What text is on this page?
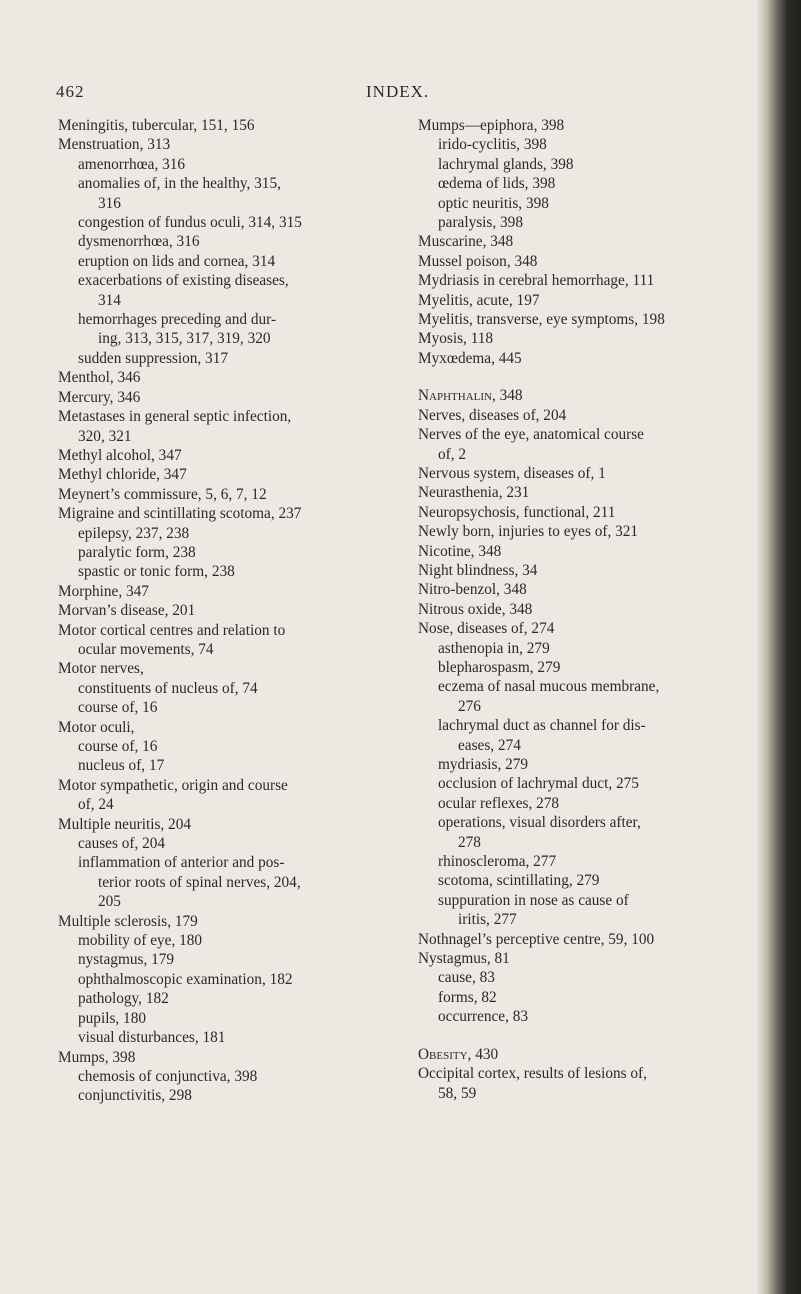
462	INDEX.
Meningitis, tubercular, 151, 156
Menstruation, 313
amenorrhœa, 316
anomalies of, in the healthy, 315,
316
congestion of fundus oculi, 314, 315
dysmenorrhœa, 316
eruption on lids and cornea, 314
exacerbations of existing diseases,
314
hemorrhages preceding and dur-
ing, 313, 315, 317, 319, 320
sudden suppression, 317
Menthol, 346
Mercury, 346
Metastases in general septic infection,
320, 321
Methyl alcohol, 347
Methyl chloride, 347
Meynert’s commissure, 5, 6, 7, 12
Migraine and scintillating scotoma, 237
epilepsy, 237, 238
paralytic form, 238
spastic or tonic form, 238
Morphine, 347
Morvan’s disease, 201
Motor cortical centres and relation to
ocular movements, 74
Motor nerves,
constituents of nucleus of, 74
course of, 16
Motor oculi,
course of, 16
nucleus of, 17
Motor sympathetic, origin and course
of, 24
Multiple neuritis, 204
causes of, 204
inflammation of anterior and pos-
terior roots of spinal nerves, 204,
205
Multiple sclerosis, 179
mobility of eye, 180
nystagmus, 179
ophthalmoscopic examination, 182
pathology, 182
pupils, 180
visual disturbances, 181
Mumps, 398
chemosis of conjunctiva, 398
conjunctivitis, 298
Mumps—epiphora, 398
irido-cyclitis, 398
lachrymal glands, 398
œdema of lids, 398
optic neuritis, 398
paralysis, 398
Muscarine, 348
Mussel poison, 348
Mydriasis in cerebral hemorrhage, 111
Myelitis, acute, 197
Myelitis, transverse, eye symptoms, 198
Myosis, 118
Myxœdema, 445
Naphthalin, 348
Nerves, diseases of, 204
Nerves of the eye, anatomical course
of, 2
Nervous system, diseases of, 1
Neurasthenia, 231
Neuropsychosis, functional, 211
Newly born, injuries to eyes of, 321
Nicotine, 348
Night blindness, 34
Nitro-benzol, 348
Nitrous oxide, 348
Nose, diseases of, 274
asthenopia in, 279
blepharospasm, 279
eczema of nasal mucous membrane,
276
lachrymal duct as channel for dis-
eases, 274
mydriasis, 279
occlusion of lachrymal duct, 275
ocular reflexes, 278
operations, visual disorders after,
278
rhinoscleroma, 277
scotoma, scintillating, 279
suppuration in nose as cause of
iritis, 277
Nothnagel’s perceptive centre, 59, 100
Nystagmus, 81
cause, 83
forms, 82
occurrence, 83
Obesity, 430
Occipital cortex, results of lesions of,
58, 59
